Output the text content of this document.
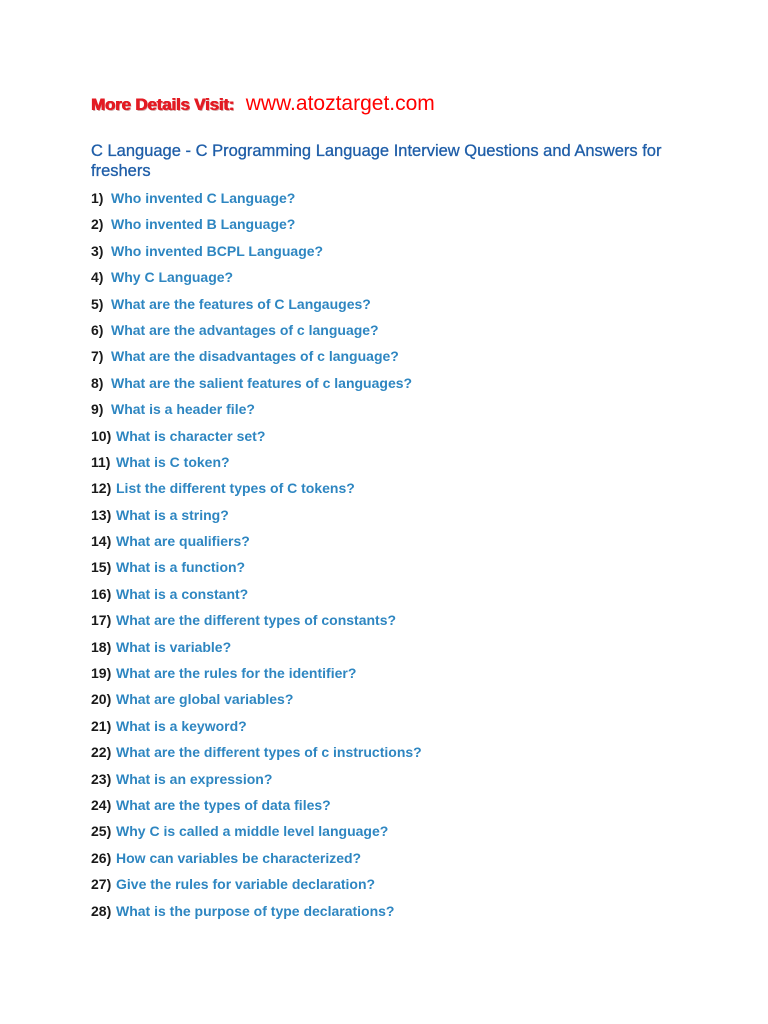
More Details Visit: www.atoztarget.com
C Language - C Programming Language Interview Questions and Answers for freshers
1) Who invented C Language?
2) Who invented B Language?
3) Who invented BCPL Language?
4) Why C Language?
5) What are the features of C Langauges?
6) What are the advantages of c language?
7) What are the disadvantages of c language?
8) What are the salient features of c languages?
9) What is a header file?
10) What is character set?
11) What is C token?
12) List the different types of C tokens?
13) What is a string?
14) What are qualifiers?
15) What is a function?
16) What is a constant?
17) What are the different types of constants?
18) What is variable?
19) What are the rules for the identifier?
20) What are global variables?
21) What is a keyword?
22) What are the different types of c instructions?
23) What is an expression?
24) What are the types of data files?
25) Why C is called a middle level language?
26) How can variables be characterized?
27) Give the rules for variable declaration?
28) What is the purpose of type declarations?
